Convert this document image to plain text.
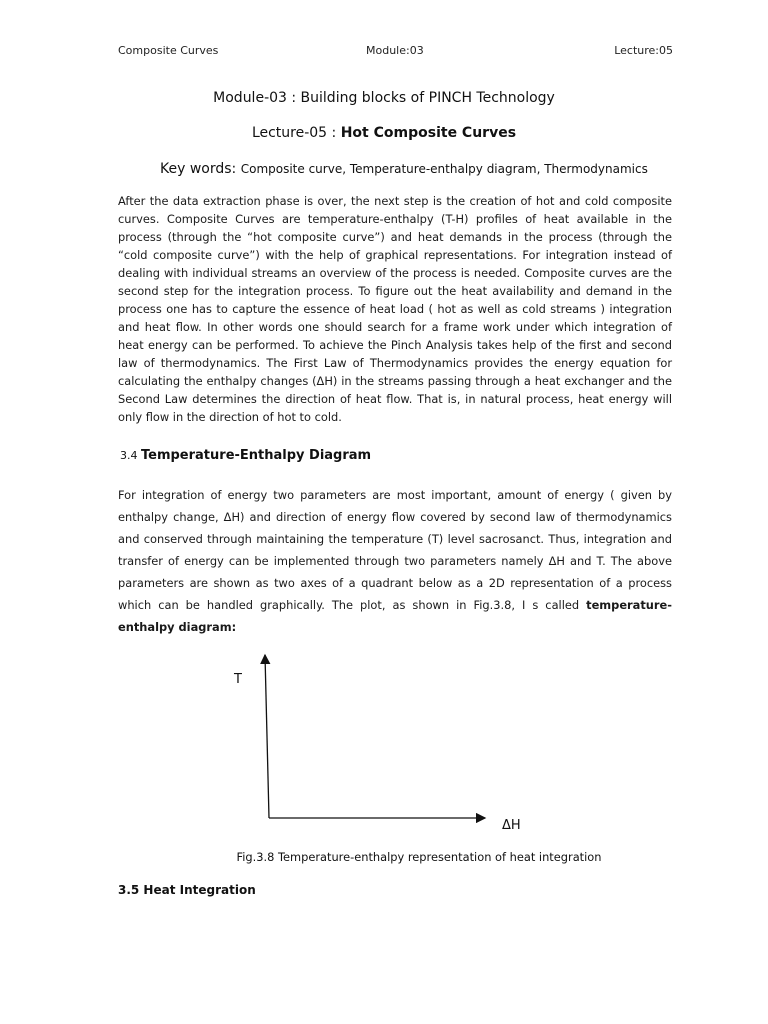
Composite Curves	Module:03	Lecture:05

Module-03 : Building blocks of PINCH Technology

Lecture-05 : Hot Composite Curves

Key words: Composite curve, Temperature-enthalpy diagram, Thermodynamics

After the data extraction phase is over, the next step is the creation of hot and cold composite curves. Composite Curves are temperature-enthalpy (T-H) profiles of heat available in the process (through the “hot composite curve”) and heat demands in the process (through the “cold composite curve”) with the help of graphical representations. For integration instead of dealing with individual streams an overview of the process is needed. Composite curves are the second step for the integration process. To figure out the heat availability and demand in the process one has to capture the essence of heat load ( hot as well as cold streams ) integration and heat flow. In other words one should search for a frame work under which integration of heat energy can be performed. To achieve the Pinch Analysis takes help of the first and second law of thermodynamics. The First Law of Thermodynamics provides the energy equation for calculating the enthalpy changes (ΔH) in the streams passing through a heat exchanger and the Second Law determines the direction of heat flow. That is, in natural process, heat energy will only flow in the direction of hot to cold.

3.4 Temperature-Enthalpy Diagram

For integration of energy two parameters are most important, amount of energy ( given by enthalpy change, ΔH) and direction of energy flow covered by second law of thermodynamics and conserved through maintaining the temperature (T) level sacrosanct. Thus, integration and transfer of energy can be implemented through two parameters namely ΔH and T. The above parameters are shown as two axes of a quadrant below as a 2D representation of a process which can be handled graphically. The plot, as shown in Fig.3.8, I s called temperature-enthalpy diagram:

T
ΔH

Fig.3.8 Temperature-enthalpy representation of heat integration

3.5 Heat Integration
